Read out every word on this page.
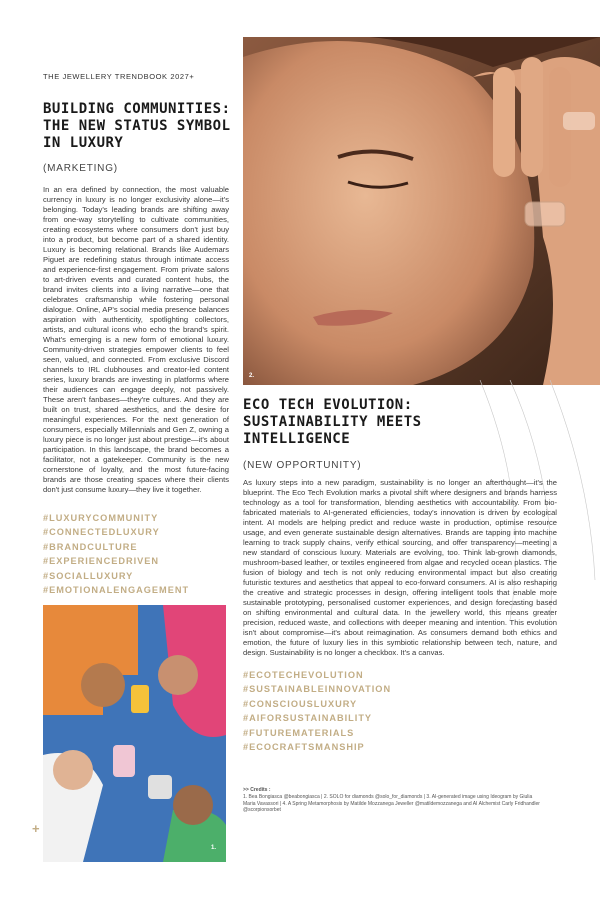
THE JEWELLERY TRENDBOOK 2027+
BUILDING COMMUNITIES: THE NEW STATUS SYMBOL IN LUXURY
(MARKETING)

In an era defined by connection, the most valuable currency in luxury is no longer exclusivity alone—it's belonging. Today's leading brands are shifting away from one-way storytelling to cultivate communities, creating ecosystems where consumers don't just buy into a product, but become part of a shared identity. Luxury is becoming relational. Brands like Audemars Piguet are redefining status through intimate access and experience-first engagement. From private salons to art-driven events and curated content hubs, the brand invites clients into a living narrative—one that celebrates craftsmanship while fostering personal dialogue. Online, AP's social media presence balances aspiration with authenticity, spotlighting collectors, artists, and cultural icons who echo the brand's spirit. What's emerging is a new form of emotional luxury. Community-driven strategies empower clients to feel seen, valued, and connected. From exclusive Discord channels to IRL clubhouses and creator-led content series, luxury brands are investing in platforms where their audiences can engage deeply, not passively. These aren't fanbases—they're cultures. And they are built on trust, shared aesthetics, and the desire for meaningful experiences. For the next generation of consumers, especially Millennials and Gen Z, owning a luxury piece is no longer just about prestige—it's about participation. In this landscape, the brand becomes a facilitator, not a gatekeeper. Community is the new cornerstone of loyalty, and the most future-facing brands are those creating spaces where their clients don't just consume luxury—they live it together.

#LUXURYCOMMUNITY
#CONNECTEDLUXURY
#BRANDCULTURE
#EXPERIENCEDRIVEN
#SOCIALLUXURY
#EMOTIONALENGAGEMENT
2.
ECO TECH EVOLUTION: SUSTAINABILITY MEETS INTELLIGENCE
(NEW OPPORTUNITY)

As luxury steps into a new paradigm, sustainability is no longer an afterthought—it's the blueprint. The Eco Tech Evolution marks a pivotal shift where designers and brands harness technology as a tool for transformation, blending aesthetics with accountability. From bio-fabricated materials to AI-generated efficiencies, today's innovation is driven by ecological intent. AI models are helping predict and reduce waste in production, optimise resource usage, and even generate sustainable design alternatives. Brands are tapping into machine learning to track supply chains, verify ethical sourcing, and offer transparency—meeting a new standard of conscious luxury. Materials are evolving, too. Think lab-grown diamonds, mushroom-based leather, or textiles engineered from algae and recycled ocean plastics. The fusion of biology and tech is not only reducing environmental impact but also creating futuristic textures and aesthetics that appeal to eco-forward consumers. AI is also reshaping the creative and strategic processes in design, offering intelligent tools that enable more sustainable prototyping, personalised customer experiences, and design forecasting based on shifting environmental and cultural data. In the jewellery world, this means greater precision, reduced waste, and collections with deeper meaning and intention. This evolution isn't about compromise—it's about reimagination. As consumers demand both ethics and emotion, the future of luxury lies in this symbiotic relationship between tech, nature, and design. Sustainability is no longer a checkbox. It's a canvas.

#ECOTECHEVOLUTION
#SUSTAINABLEINNOVATION
#CONSCIOUSLUXURY
#AIFORSUSTAINABILITY
#FUTUREMATERIALS
#ECOCRAFTSMANSHIP
1.
+
>> Credits :
1. Bea Bongiasca @beabongiasca | 2. SOLO for diamonds @solo_for_diamonds | 3. AI-generated image using Ideogram by Giulia Maria Vavassori | 4. A Spring Metamorphosis by Matilde Mozzanega Jeweller @matildemozzanega and AI Alchemist Carly Fridhandler @scorpionsorbet
